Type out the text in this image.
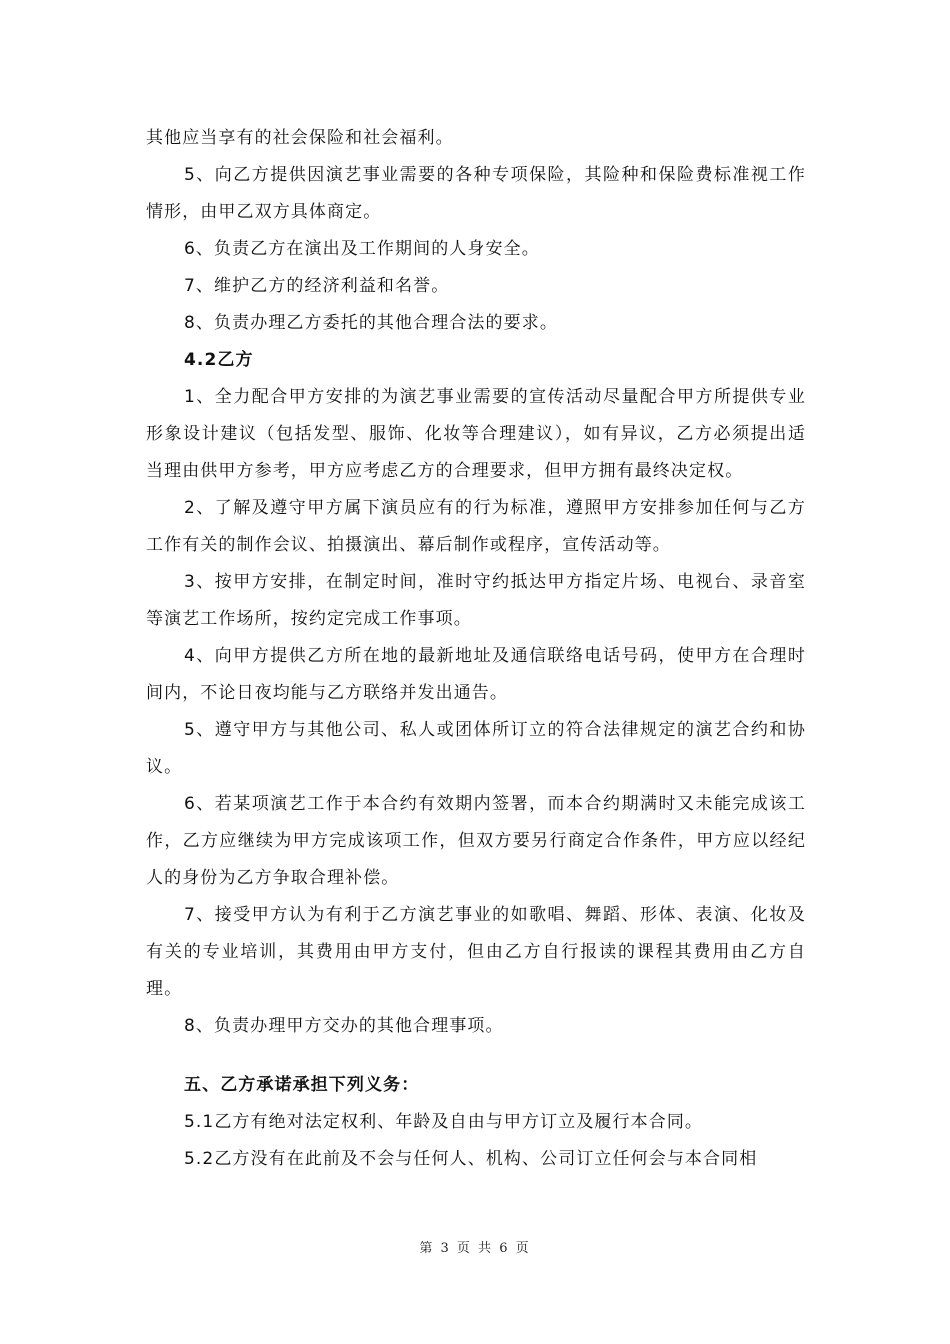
其他应当享有的社会保险和社会福利。

5、向乙方提供因演艺事业需要的各种专项保险，其险种和保险费标准视工作情形，由甲乙双方具体商定。

6、负责乙方在演出及工作期间的人身安全。

7、维护乙方的经济利益和名誉。

8、负责办理乙方委托的其他合理合法的要求。

4.2乙方

1、全力配合甲方安排的为演艺事业需要的宣传活动尽量配合甲方所提供专业形象设计建议（包括发型、服饰、化妆等合理建议），如有异议，乙方必须提出适当理由供甲方参考，甲方应考虑乙方的合理要求，但甲方拥有最终决定权。

2、了解及遵守甲方属下演员应有的行为标准，遵照甲方安排参加任何与乙方工作有关的制作会议、拍摄演出、幕后制作或程序，宣传活动等。

3、按甲方安排，在制定时间，准时守约抵达甲方指定片场、电视台、录音室等演艺工作场所，按约定完成工作事项。

4、向甲方提供乙方所在地的最新地址及通信联络电话号码，使甲方在合理时间内，不论日夜均能与乙方联络并发出通告。

5、遵守甲方与其他公司、私人或团体所订立的符合法律规定的演艺合约和协议。

6、若某项演艺工作于本合约有效期内签署，而本合约期满时又未能完成该工作，乙方应继续为甲方完成该项工作，但双方要另行商定合作条件，甲方应以经纪人的身份为乙方争取合理补偿。

7、接受甲方认为有利于乙方演艺事业的如歌唱、舞蹈、形体、表演、化妆及有关的专业培训，其费用由甲方支付，但由乙方自行报读的课程其费用由乙方自理。

8、负责办理甲方交办的其他合理事项。

五、乙方承诺承担下列义务：

5.1乙方有绝对法定权利、年龄及自由与甲方订立及履行本合同。

5.2乙方没有在此前及不会与任何人、机构、公司订立任何会与本合同相

第 3 页 共 6 页
